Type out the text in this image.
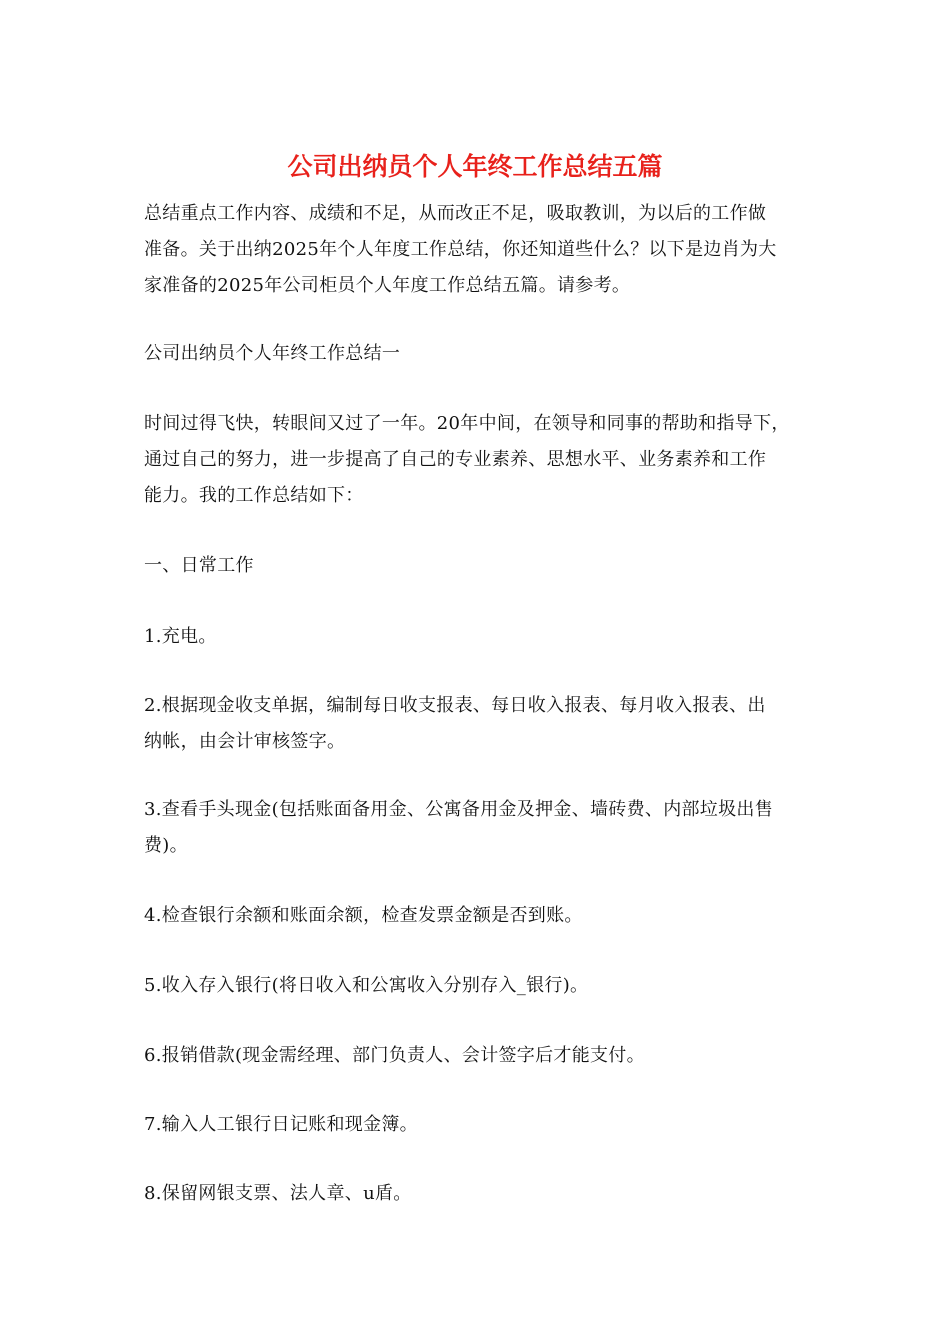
公司出纳员个人年终工作总结五篇
总结重点工作内容、成绩和不足，从而改正不足，吸取教训，为以后的工作做
准备。关于出纳2025年个人年度工作总结，你还知道些什么？以下是边肖为大
家准备的2025年公司柜员个人年度工作总结五篇。请参考。
公司出纳员个人年终工作总结一
时间过得飞快，转眼间又过了一年。20年中间，在领导和同事的帮助和指导下，
通过自己的努力，进一步提高了自己的专业素养、思想水平、业务素养和工作
能力。我的工作总结如下：
一、日常工作
1.充电。
2.根据现金收支单据，编制每日收支报表、每日收入报表、每月收入报表、出
纳帐，由会计审核签字。
3.查看手头现金(包括账面备用金、公寓备用金及押金、墙砖费、内部垃圾出售
费)。
4.检查银行余额和账面余额，检查发票金额是否到账。
5.收入存入银行(将日收入和公寓收入分别存入_银行)。
6.报销借款(现金需经理、部门负责人、会计签字后才能支付。
7.输入人工银行日记账和现金簿。
8.保留网银支票、法人章、u盾。
